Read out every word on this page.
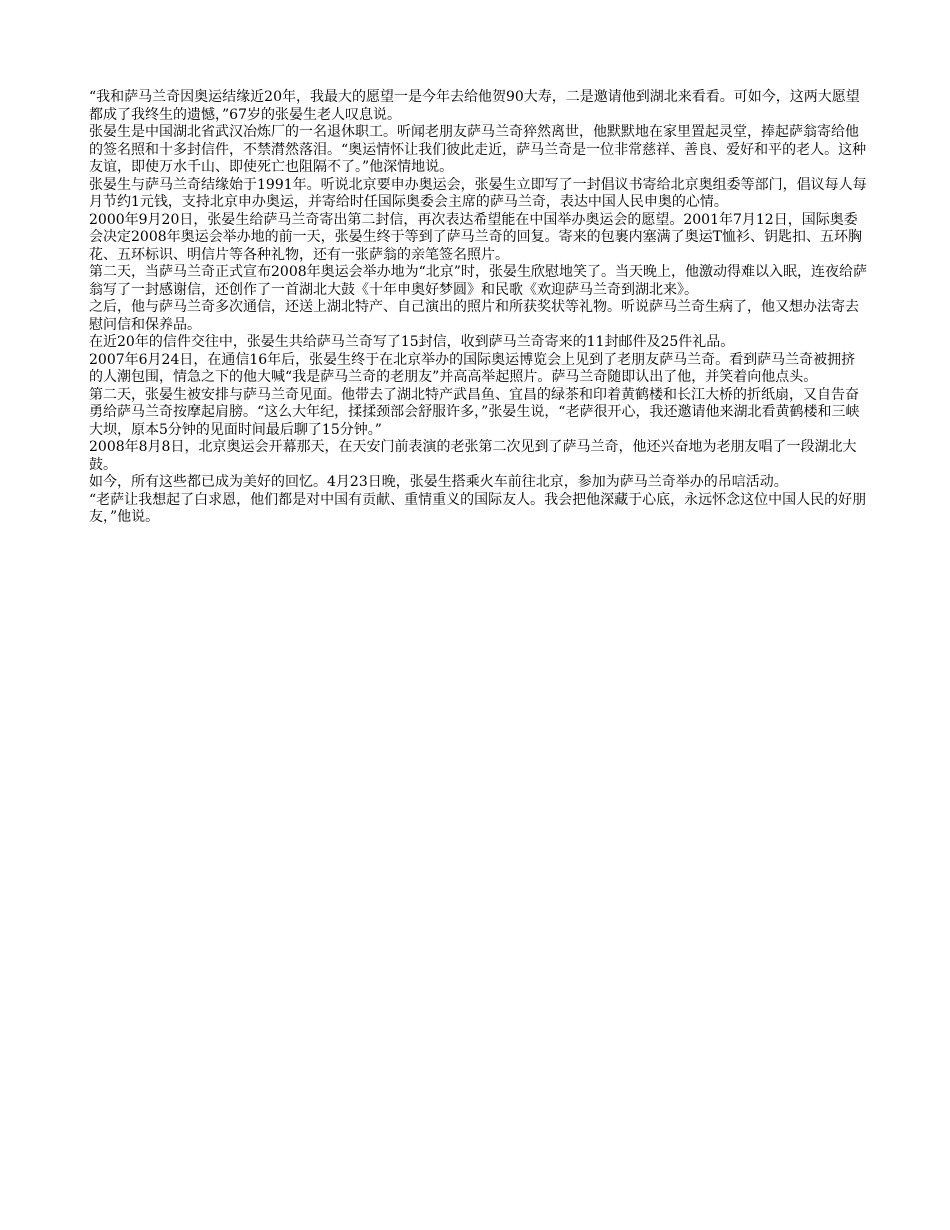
“我和萨马兰奇因奥运结缘近20年，我最大的愿望一是今年去给他贺90大寿，二是邀请他到湖北来看看。可如今，这两大愿望都成了我终生的遗憾，”67岁的张晏生老人叹息说。

张晏生是中国湖北省武汉冶炼厂的一名退休职工。听闻老朋友萨马兰奇猝然离世，他默默地在家里置起灵堂，捧起萨翁寄给他的签名照和十多封信件，不禁潸然落泪。“奥运情怀让我们彼此走近，萨马兰奇是一位非常慈祥、善良、爱好和平的老人。这种友谊，即使万水千山、即使死亡也阻隔不了。”他深情地说。

张晏生与萨马兰奇结缘始于1991年。听说北京要申办奥运会，张晏生立即写了一封倡议书寄给北京奥组委等部门，倡议每人每月节约1元钱，支持北京申办奥运，并寄给时任国际奥委会主席的萨马兰奇，表达中国人民申奥的心情。

2000年9月20日，张晏生给萨马兰奇寄出第二封信，再次表达希望能在中国举办奥运会的愿望。2001年7月12日，国际奥委会决定2008年奥运会举办地的前一天，张晏生终于等到了萨马兰奇的回复。寄来的包裹内塞满了奥运T恤衫、钥匙扣、五环胸花、五环标识、明信片等各种礼物，还有一张萨翁的亲笔签名照片。

第二天，当萨马兰奇正式宣布2008年奥运会举办地为“北京”时，张晏生欣慰地笑了。当天晚上，他激动得难以入眠，连夜给萨翁写了一封感谢信，还创作了一首湖北大鼓《十年申奥好梦圆》和民歌《欢迎萨马兰奇到湖北来》。

之后，他与萨马兰奇多次通信，还送上湖北特产、自己演出的照片和所获奖状等礼物。听说萨马兰奇生病了，他又想办法寄去慰问信和保养品。

在近20年的信件交往中，张晏生共给萨马兰奇写了15封信，收到萨马兰奇寄来的11封邮件及25件礼品。

2007年6月24日，在通信16年后，张晏生终于在北京举办的国际奥运博览会上见到了老朋友萨马兰奇。看到萨马兰奇被拥挤的人潮包围，情急之下的他大喊“我是萨马兰奇的老朋友”并高高举起照片。萨马兰奇随即认出了他，并笑着向他点头。

第二天，张晏生被安排与萨马兰奇见面。他带去了湖北特产武昌鱼、宜昌的绿茶和印着黄鹤楼和长江大桥的折纸扇，又自告奋勇给萨马兰奇按摩起肩膀。“这么大年纪，揉揉颈部会舒服许多，”张晏生说，“老萨很开心，我还邀请他来湖北看黄鹤楼和三峡大坝，原本5分钟的见面时间最后聊了15分钟。”

2008年8月8日，北京奥运会开幕那天，在天安门前表演的老张第二次见到了萨马兰奇，他还兴奋地为老朋友唱了一段湖北大鼓。

如今，所有这些都已成为美好的回忆。4月23日晚，张晏生搭乘火车前往北京，参加为萨马兰奇举办的吊唁活动。

“老萨让我想起了白求恩，他们都是对中国有贡献、重情重义的国际友人。我会把他深藏于心底，永远怀念这位中国人民的好朋友，”他说。
